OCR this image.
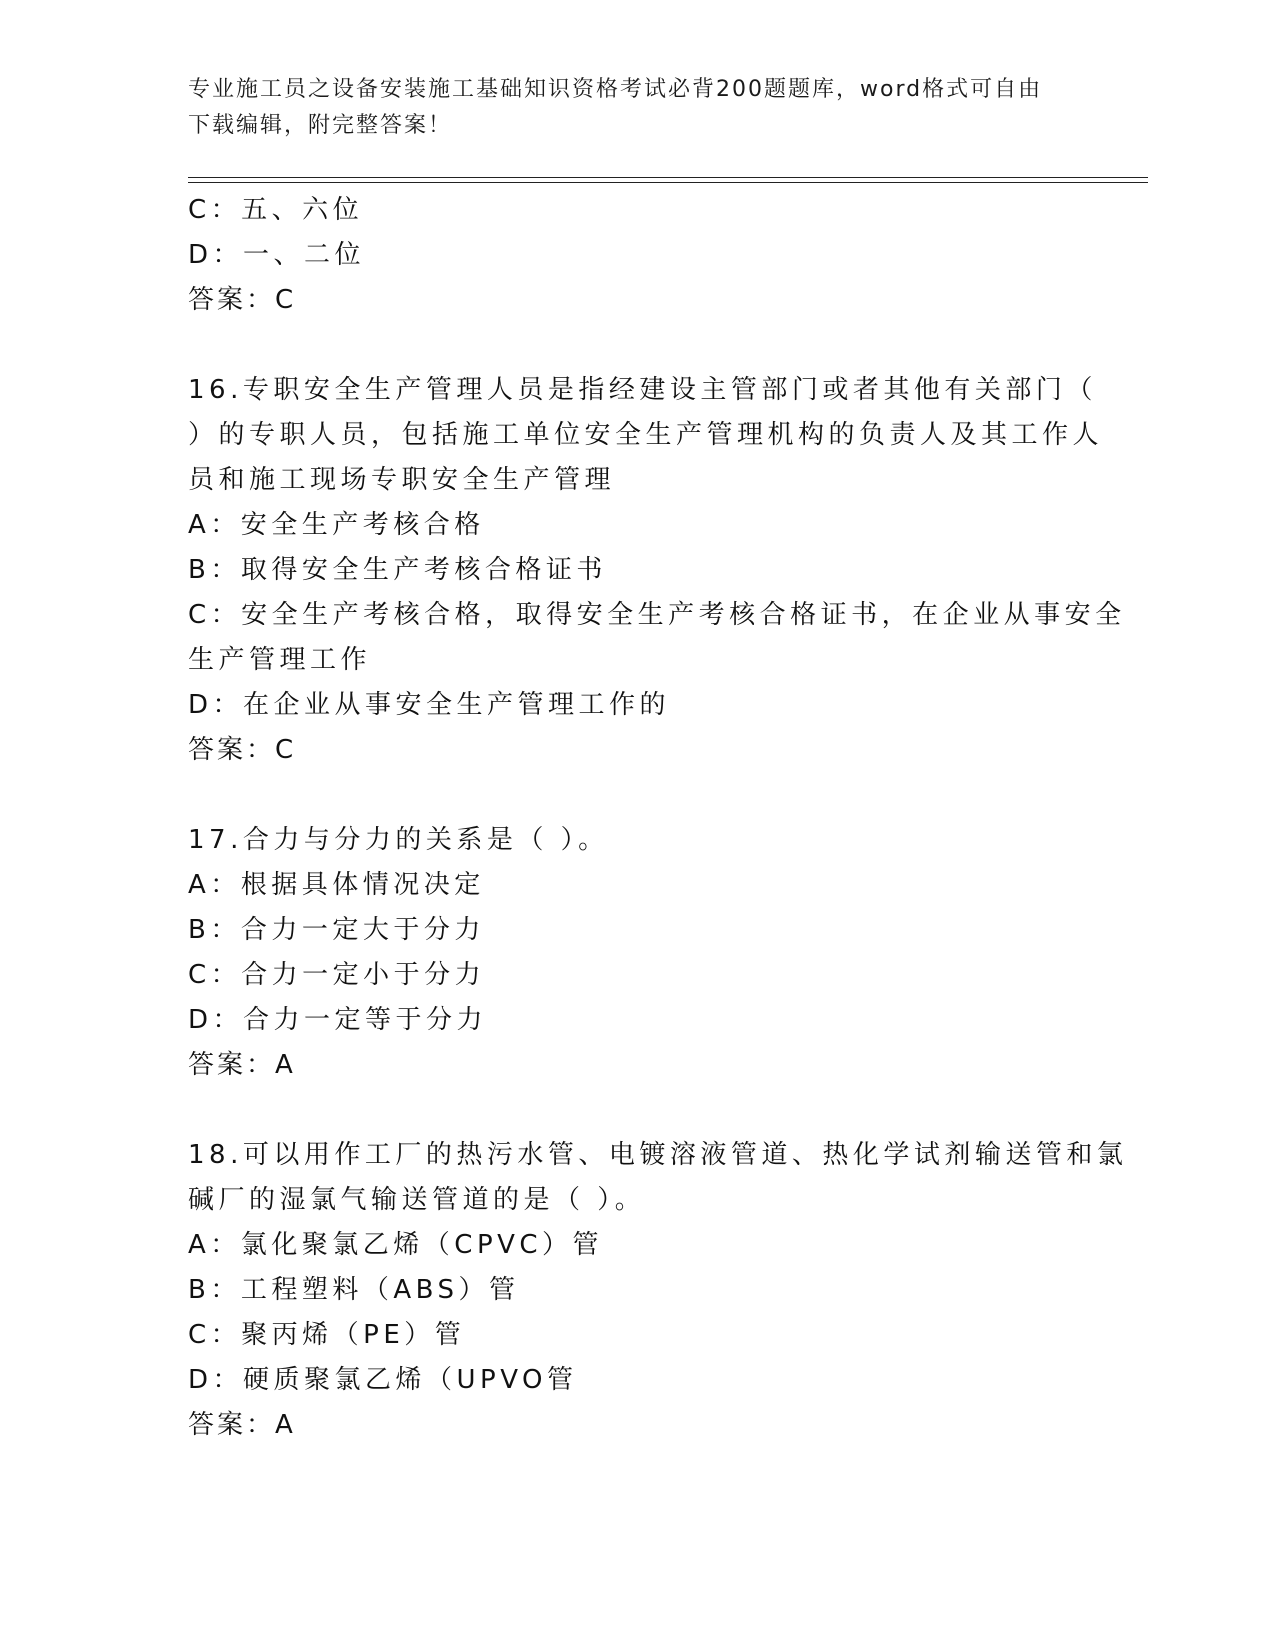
专业施工员之设备安装施工基础知识资格考试必背200题题库，word格式可自由
下载编辑，附完整答案！
C：五、六位
D：一、二位
答案：C
16.专职安全生产管理人员是指经建设主管部门或者其他有关部门（
）的专职人员，包括施工单位安全生产管理机构的负责人及其工作人
员和施工现场专职安全生产管理
A：安全生产考核合格
B：取得安全生产考核合格证书
C：安全生产考核合格，取得安全生产考核合格证书，在企业从事安全
生产管理工作
D：在企业从事安全生产管理工作的
答案：C
17.合力与分力的关系是（ ）。
A：根据具体情况决定
B：合力一定大于分力
C：合力一定小于分力
D：合力一定等于分力
答案：A
18.可以用作工厂的热污水管、电镀溶液管道、热化学试剂输送管和氯
碱厂的湿氯气输送管道的是（ ）。
A：氯化聚氯乙烯（CPVC）管
B：工程塑料（ABS）管
C：聚丙烯（PE）管
D：硬质聚氯乙烯（UPVO管
答案：A
